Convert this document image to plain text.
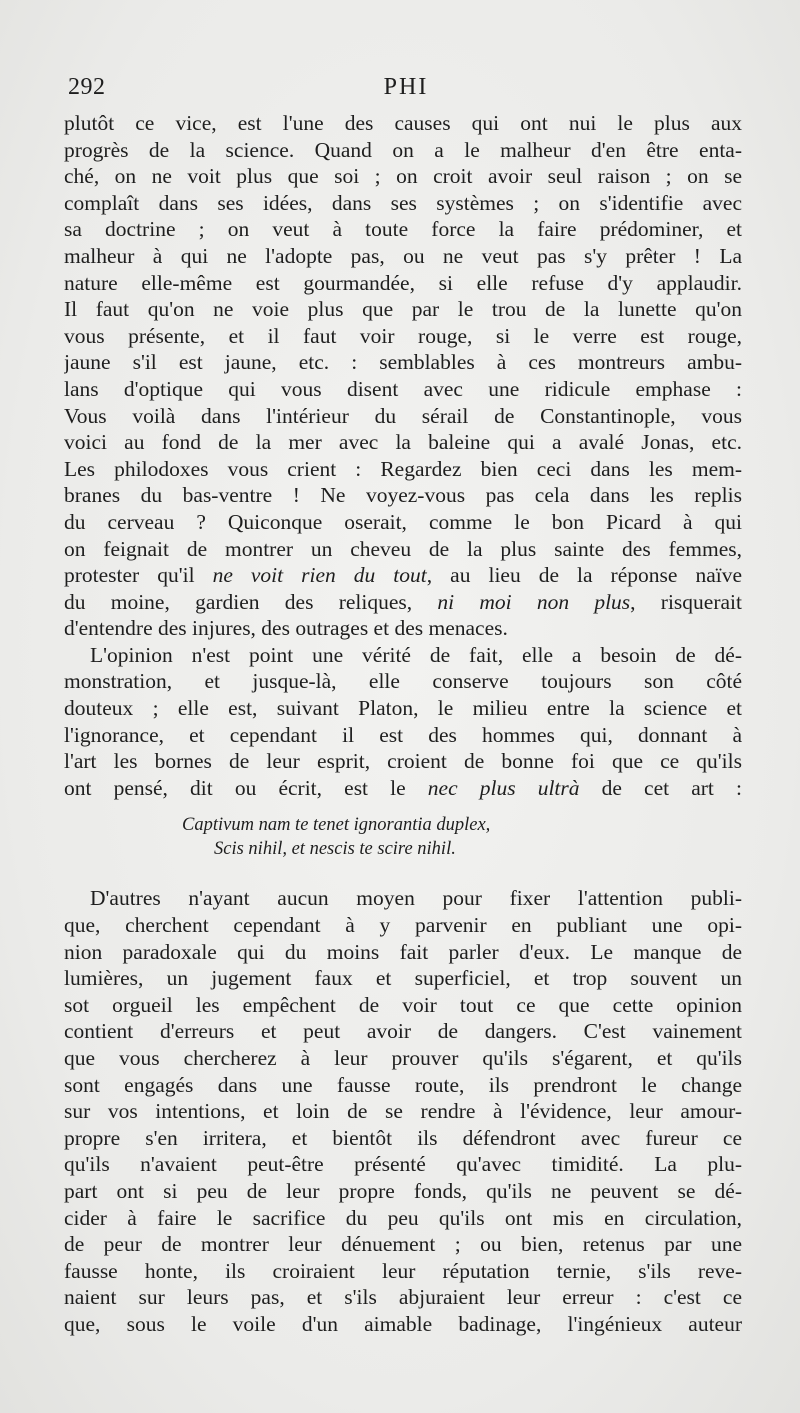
292	PHI
plutôt ce vice, est l'une des causes qui ont nui le plus aux
progrès de la science. Quand on a le malheur d'en être enta-
ché, on ne voit plus que soi ; on croit avoir seul raison ; on se
complaît dans ses idées, dans ses systèmes ; on s'identifie avec
sa doctrine ; on veut à toute force la faire prédominer, et
malheur à qui ne l'adopte pas, ou ne veut pas s'y prêter ! La
nature elle-même est gourmandée, si elle refuse d'y applaudir.
Il faut qu'on ne voie plus que par le trou de la lunette qu'on
vous présente, et il faut voir rouge, si le verre est rouge,
jaune s'il est jaune, etc. : semblables à ces montreurs ambu-
lans d'optique qui vous disent avec une ridicule emphase :
Vous voilà dans l'intérieur du sérail de Constantinople, vous
voici au fond de la mer avec la baleine qui a avalé Jonas, etc.
Les philodoxes vous crient : Regardez bien ceci dans les mem-
branes du bas-ventre ! Ne voyez-vous pas cela dans les replis
du cerveau ? Quiconque oserait, comme le bon Picard à qui
on feignait de montrer un cheveu de la plus sainte des femmes,
protester qu'il ne voit rien du tout, au lieu de la réponse naïve
du moine, gardien des reliques, ni moi non plus, risquerait
d'entendre des injures, des outrages et des menaces.
L'opinion n'est point une vérité de fait, elle a besoin de dé-
monstration, et jusque-là, elle conserve toujours son côté
douteux ; elle est, suivant Platon, le milieu entre la science et
l'ignorance, et cependant il est des hommes qui, donnant à
l'art les bornes de leur esprit, croient de bonne foi que ce qu'ils
ont pensé, dit ou écrit, est le nec plus ultrà de cet art :
Captivum nam te tenet ignorantia duplex,
Scis nihil, et nescis te scire nihil.
D'autres n'ayant aucun moyen pour fixer l'attention publi-
que, cherchent cependant à y parvenir en publiant une opi-
nion paradoxale qui du moins fait parler d'eux. Le manque de
lumières, un jugement faux et superficiel, et trop souvent un
sot orgueil les empêchent de voir tout ce que cette opinion
contient d'erreurs et peut avoir de dangers. C'est vainement
que vous chercherez à leur prouver qu'ils s'égarent, et qu'ils
sont engagés dans une fausse route, ils prendront le change
sur vos intentions, et loin de se rendre à l'évidence, leur amour-
propre s'en irritera, et bientôt ils défendront avec fureur ce
qu'ils n'avaient peut-être présenté qu'avec timidité. La plu-
part ont si peu de leur propre fonds, qu'ils ne peuvent se dé-
cider à faire le sacrifice du peu qu'ils ont mis en circulation,
de peur de montrer leur dénuement ; ou bien, retenus par une
fausse honte, ils croiraient leur réputation ternie, s'ils reve-
naient sur leurs pas, et s'ils abjuraient leur erreur : c'est ce
que, sous le voile d'un aimable badinage, l'ingénieux auteur
